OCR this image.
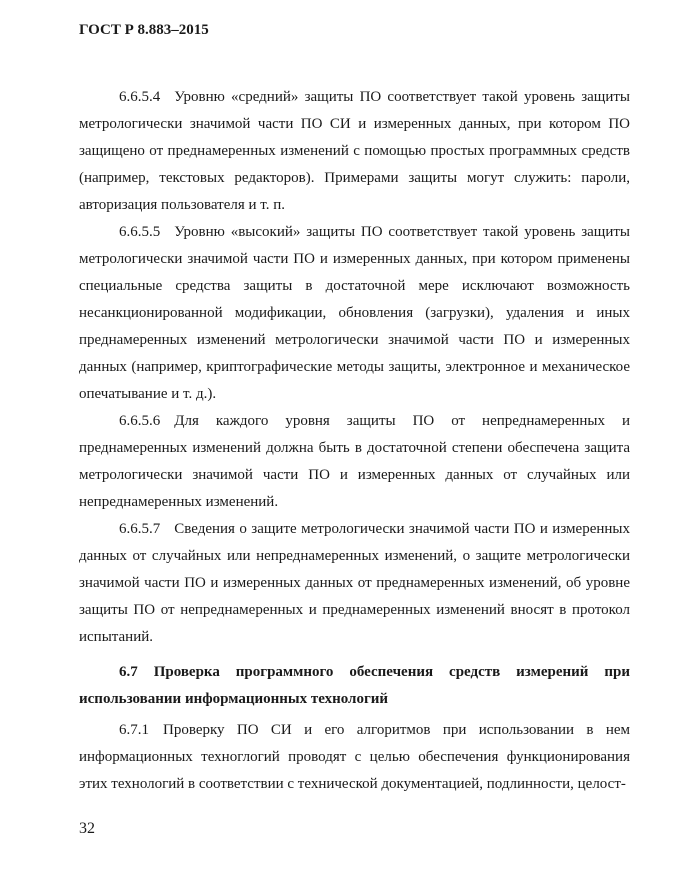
ГОСТ Р 8.883–2015

6.6.5.4 Уровню «средний» защиты ПО соответствует такой уровень защиты метрологически значимой части ПО СИ и измеренных данных, при котором ПО защищено от преднамеренных изменений с помощью простых программных средств (например, текстовых редакторов). Примерами защиты могут служить: пароли, авторизация пользователя и т. п.

6.6.5.5 Уровню «высокий» защиты ПО соответствует такой уровень защиты метрологически значимой части ПО и измеренных данных, при котором применены специальные средства защиты в достаточной мере исключают возможность несанкционированной модификации, обновления (загрузки), удаления и иных преднамеренных изменений метрологически значимой части ПО и измеренных данных (например, криптографические методы защиты, электронное и механическое опечатывание и т. д.).

6.6.5.6 Для каждого уровня защиты ПО от непреднамеренных и преднамеренных изменений должна быть в достаточной степени обеспечена защита метрологически значимой части ПО и измеренных данных от случайных или непреднамеренных изменений.

6.6.5.7 Сведения о защите метрологически значимой части ПО и измеренных данных от случайных или непреднамеренных изменений, о защите метрологически значимой части ПО и измеренных данных от преднамеренных изменений, об уровне защиты ПО от непреднамеренных и преднамеренных изменений вносят в протокол испытаний.

6.7 Проверка программного обеспечения средств измерений при использовании информационных технологий

6.7.1 Проверку ПО СИ и его алгоритмов при использовании в нем информационных техноглогий проводят с целью обеспечения функционирования этих технологий в соответствии с технической документацией, подлинности, целост-

32
